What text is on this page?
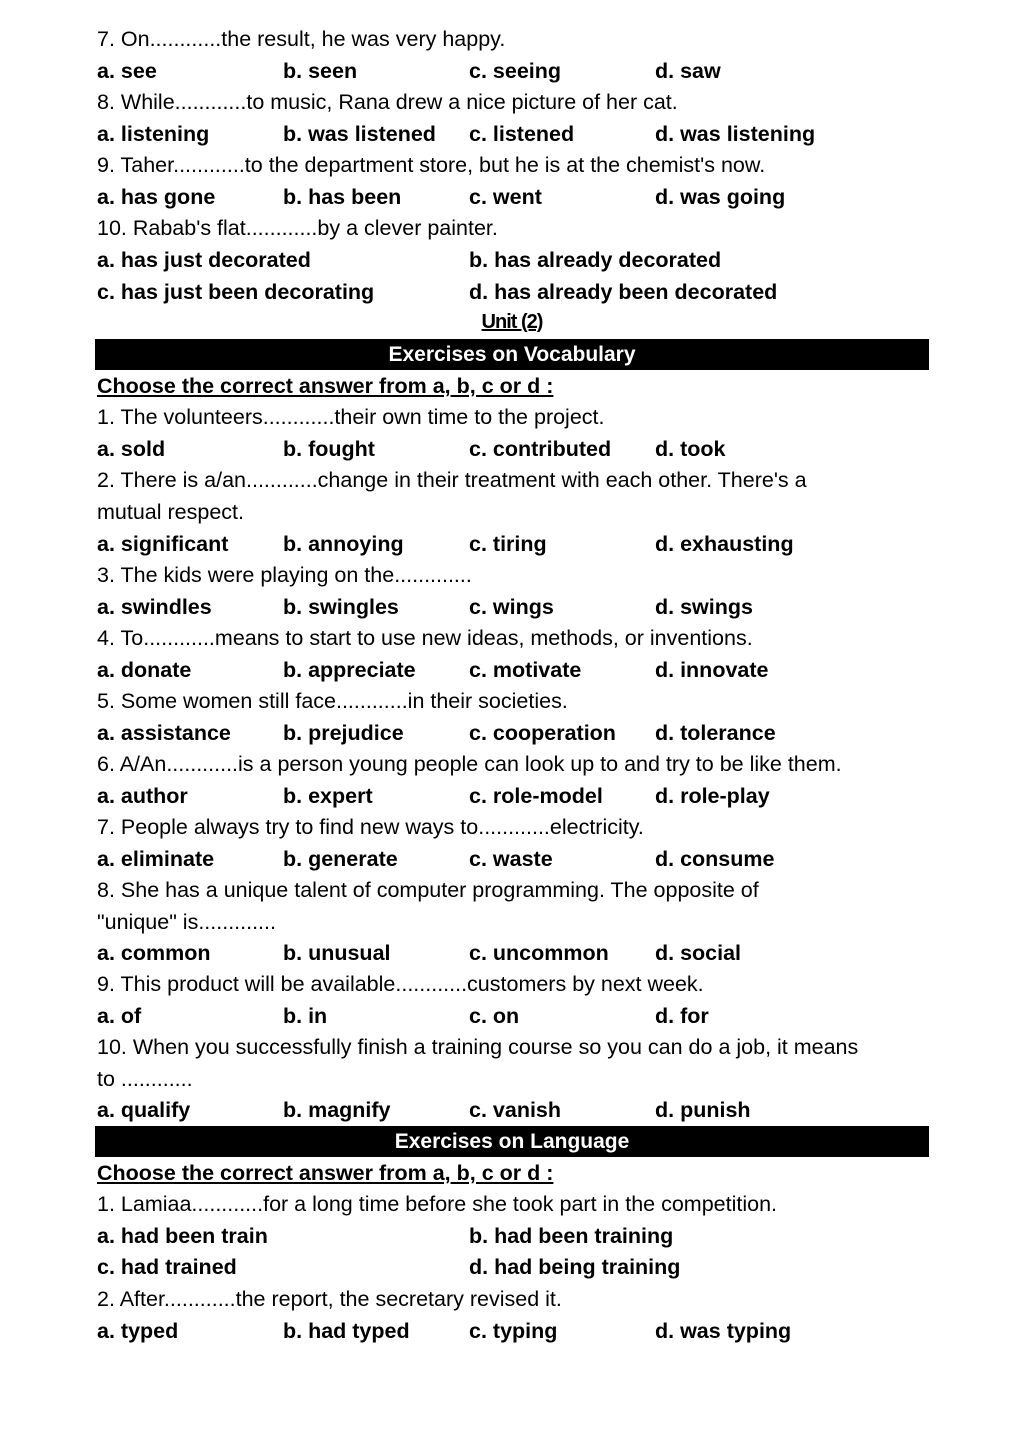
7. On............the result, he was very happy.
a. see	b. seen	c. seeing	d. saw
8. While............to music, Rana drew a nice picture of her cat.
a. listening	b. was listened c. listened	d. was listening
9. Taher............to the department store, but he is at the chemist's now.
a. has gone	b. has been	c. went	d. was going
10. Rabab's flat............by a clever painter.
a. has just decorated	b. has already decorated
c. has just been decorating	d. has already been decorated
Unit (2)
Exercises on Vocabulary
Choose the correct answer from a, b, c or d :
1. The volunteers............their own time to the project.
a. sold	b. fought	c. contributed d. took
2. There is a/an............change in their treatment with each other. There's a
mutual respect.
a. significant	b. annoying	c. tiring	d. exhausting
3. The kids were playing on the.............
a. swindles	b. swingles	c. wings	d. swings
4. To............means to start to use new ideas, methods, or inventions.
a. donate	b. appreciate c. motivate	d. innovate
5. Some women still face............in their societies.
a. assistance b. prejudice	c. cooperation d. tolerance
6. A/An............is a person young people can look up to and try to be like them.
a. author	b. expert	c. role-model d. role-play
7. People always try to find new ways to............electricity.
a. eliminate	b. generate	c. waste	d. consume
8. She has a unique talent of computer programming. The opposite of
"unique" is.............
a. common	b. unusual	c. uncommon d. social
9. This product will be available............customers by next week.
a. of	b. in	c. on	d. for
10. When you successfully finish a training course so you can do a job, it means
to ............
a. qualify	b. magnify	c. vanish	d. punish
Exercises on Language
Choose the correct answer from a, b, c or d :
1. Lamiaa............for a long time before she took part in the competition.
a. had been train	b. had been training
c. had trained	d. had being training
2. After............the report, the secretary revised it.
a. typed	b. had typed	c. typing	d. was typing
